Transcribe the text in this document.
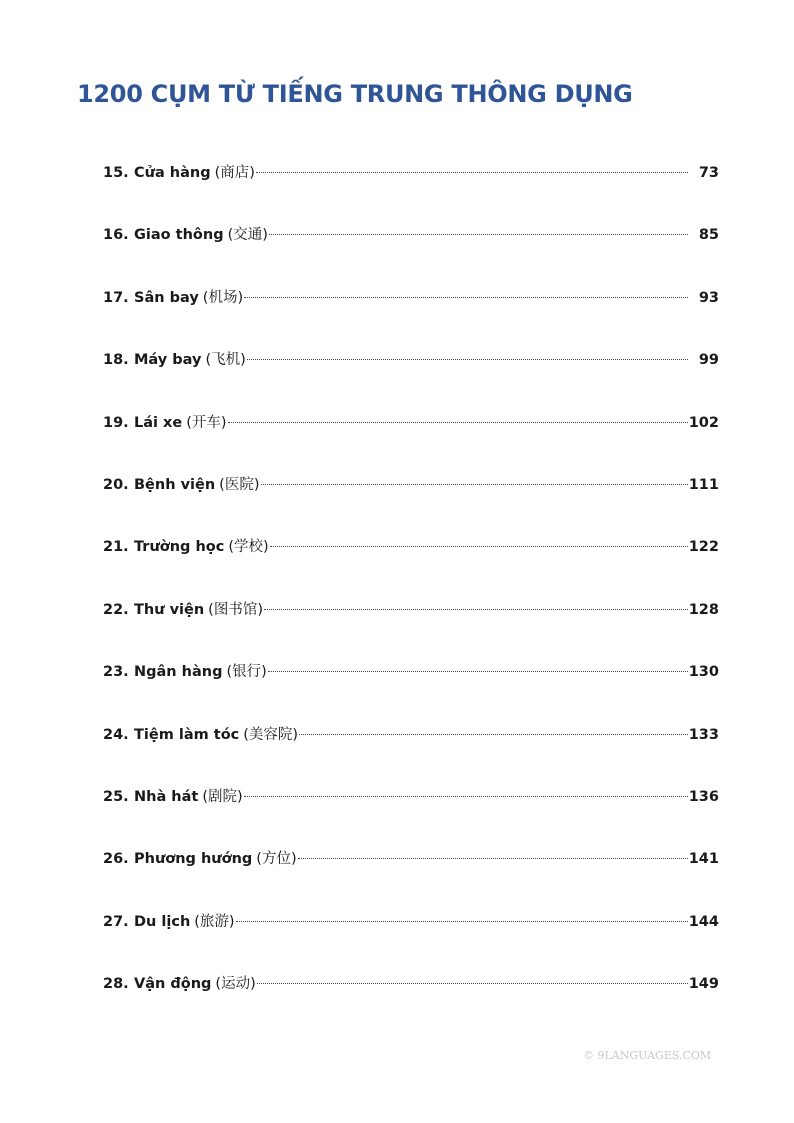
1200 CỤM TỪ TIẾNG TRUNG THÔNG DỤNG
15. Cửa hàng (商店)	73
16. Giao thông (交通)	85
17. Sân bay (机场)	93
18. Máy bay (飞机)	99
19. Lái xe (开车)	102
20. Bệnh viện (医院)	111
21. Trường học (学校)	122
22. Thư viện (图书馆)	128
23. Ngân hàng (银行)	130
24. Tiệm làm tóc (美容院)	133
25. Nhà hát (剧院)	136
26. Phương hướng (方位)	141
27. Du lịch (旅游)	144
28. Vận động (运动)	149
© 9LANGUAGES.COM
